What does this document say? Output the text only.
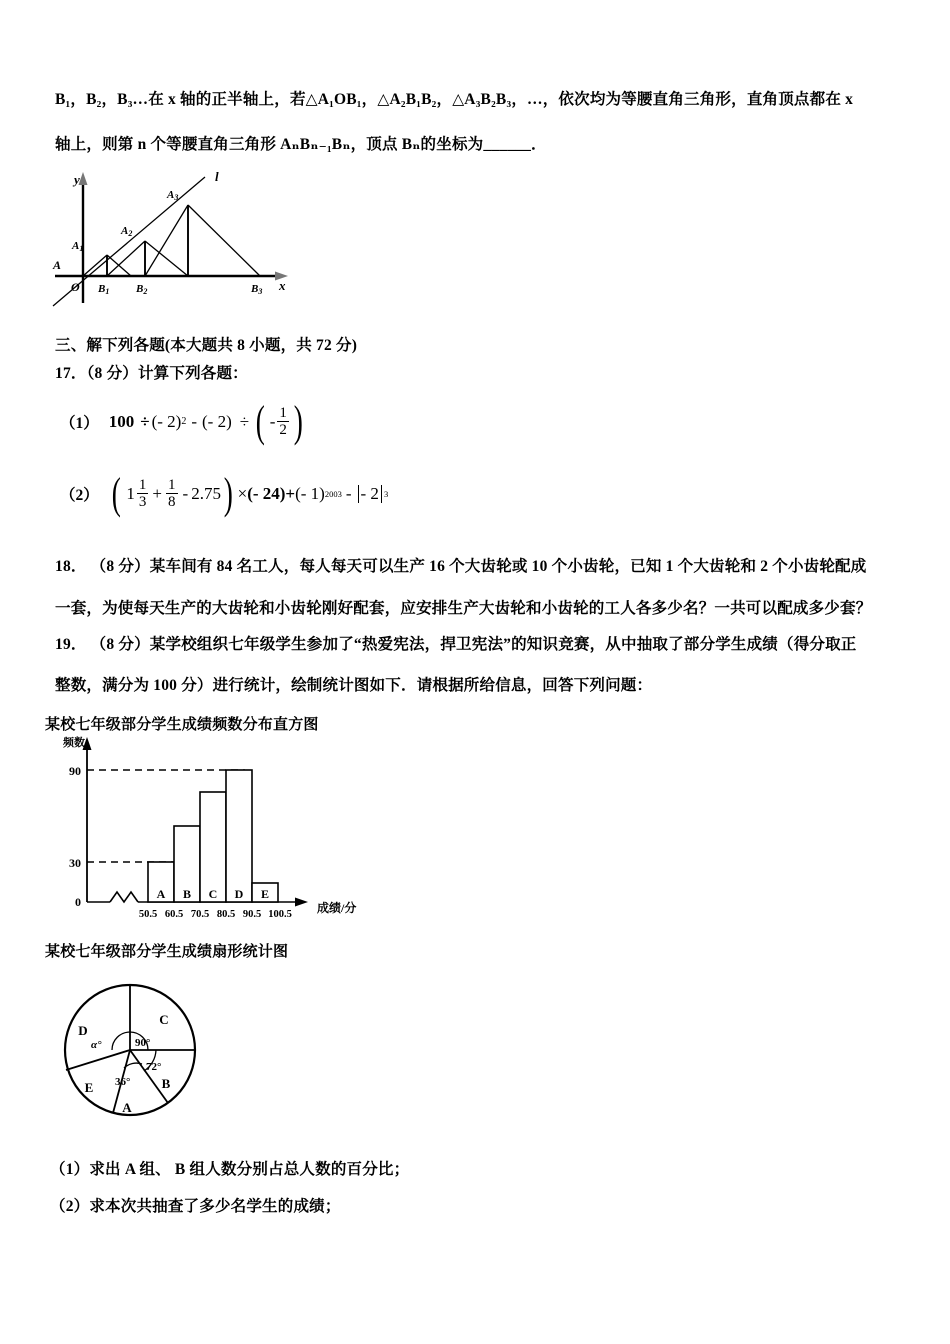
B₁，B₂，B₃…在 x 轴的正半轴上，若△A₁OB₁，△A₂B₁B₂，△A₃B₂B₃，…，依次均为等腰直角三角形，直角顶点都在 x
轴上，则第 n 个等腰直角三角形 AₙBₙ₋₁Bₙ，顶点 Bₙ的坐标为______．
y
x
l
O
A
A1
A2
A3
B1 B2	B3
三、解下列各题(本大题共 8 小题，共 72 分)
17．（8 分）计算下列各题：
（1） 100 ÷ (- 2) 2 - (- 2) ÷ ( - $\frac{1}{2}$ )
（2） ( $1 \frac{1}{3} + \frac{1}{8} - 2.75$ ) × (- 24) + (- 1) 2003 - - 2 3
18． （8 分）某车间有 84 名工人，每人每天可以生产 16 个大齿轮或 10 个小齿轮，已知 1 个大齿轮和 2 个小齿轮配成
一套，为使每天生产的大齿轮和小齿轮刚好配套，应安排生产大齿轮和小齿轮的工人各多少名？一共可以配成多少套？
19． （8 分）某学校组织七年级学生参加了“热爱宪法，捍卫宪法”的知识竞赛，从中抽取了部分学生成绩（得分取正
整数，满分为 100 分）进行统计，绘制统计图如下．请根据所给信息，回答下列问题：
某校七年级部分学生成绩频数分布直方图
A B C D E
0
30
90
50.5 60.5 70.5 80.5 90.5 100.5
频数
成绩/分
某校七年级部分学生成绩扇形统计图
C
B
A
E
D
α°	90°
72°
36°
（1）求出 A 组、 B 组人数分别占总人数的百分比；
（2）求本次共抽查了多少名学生的成绩；
